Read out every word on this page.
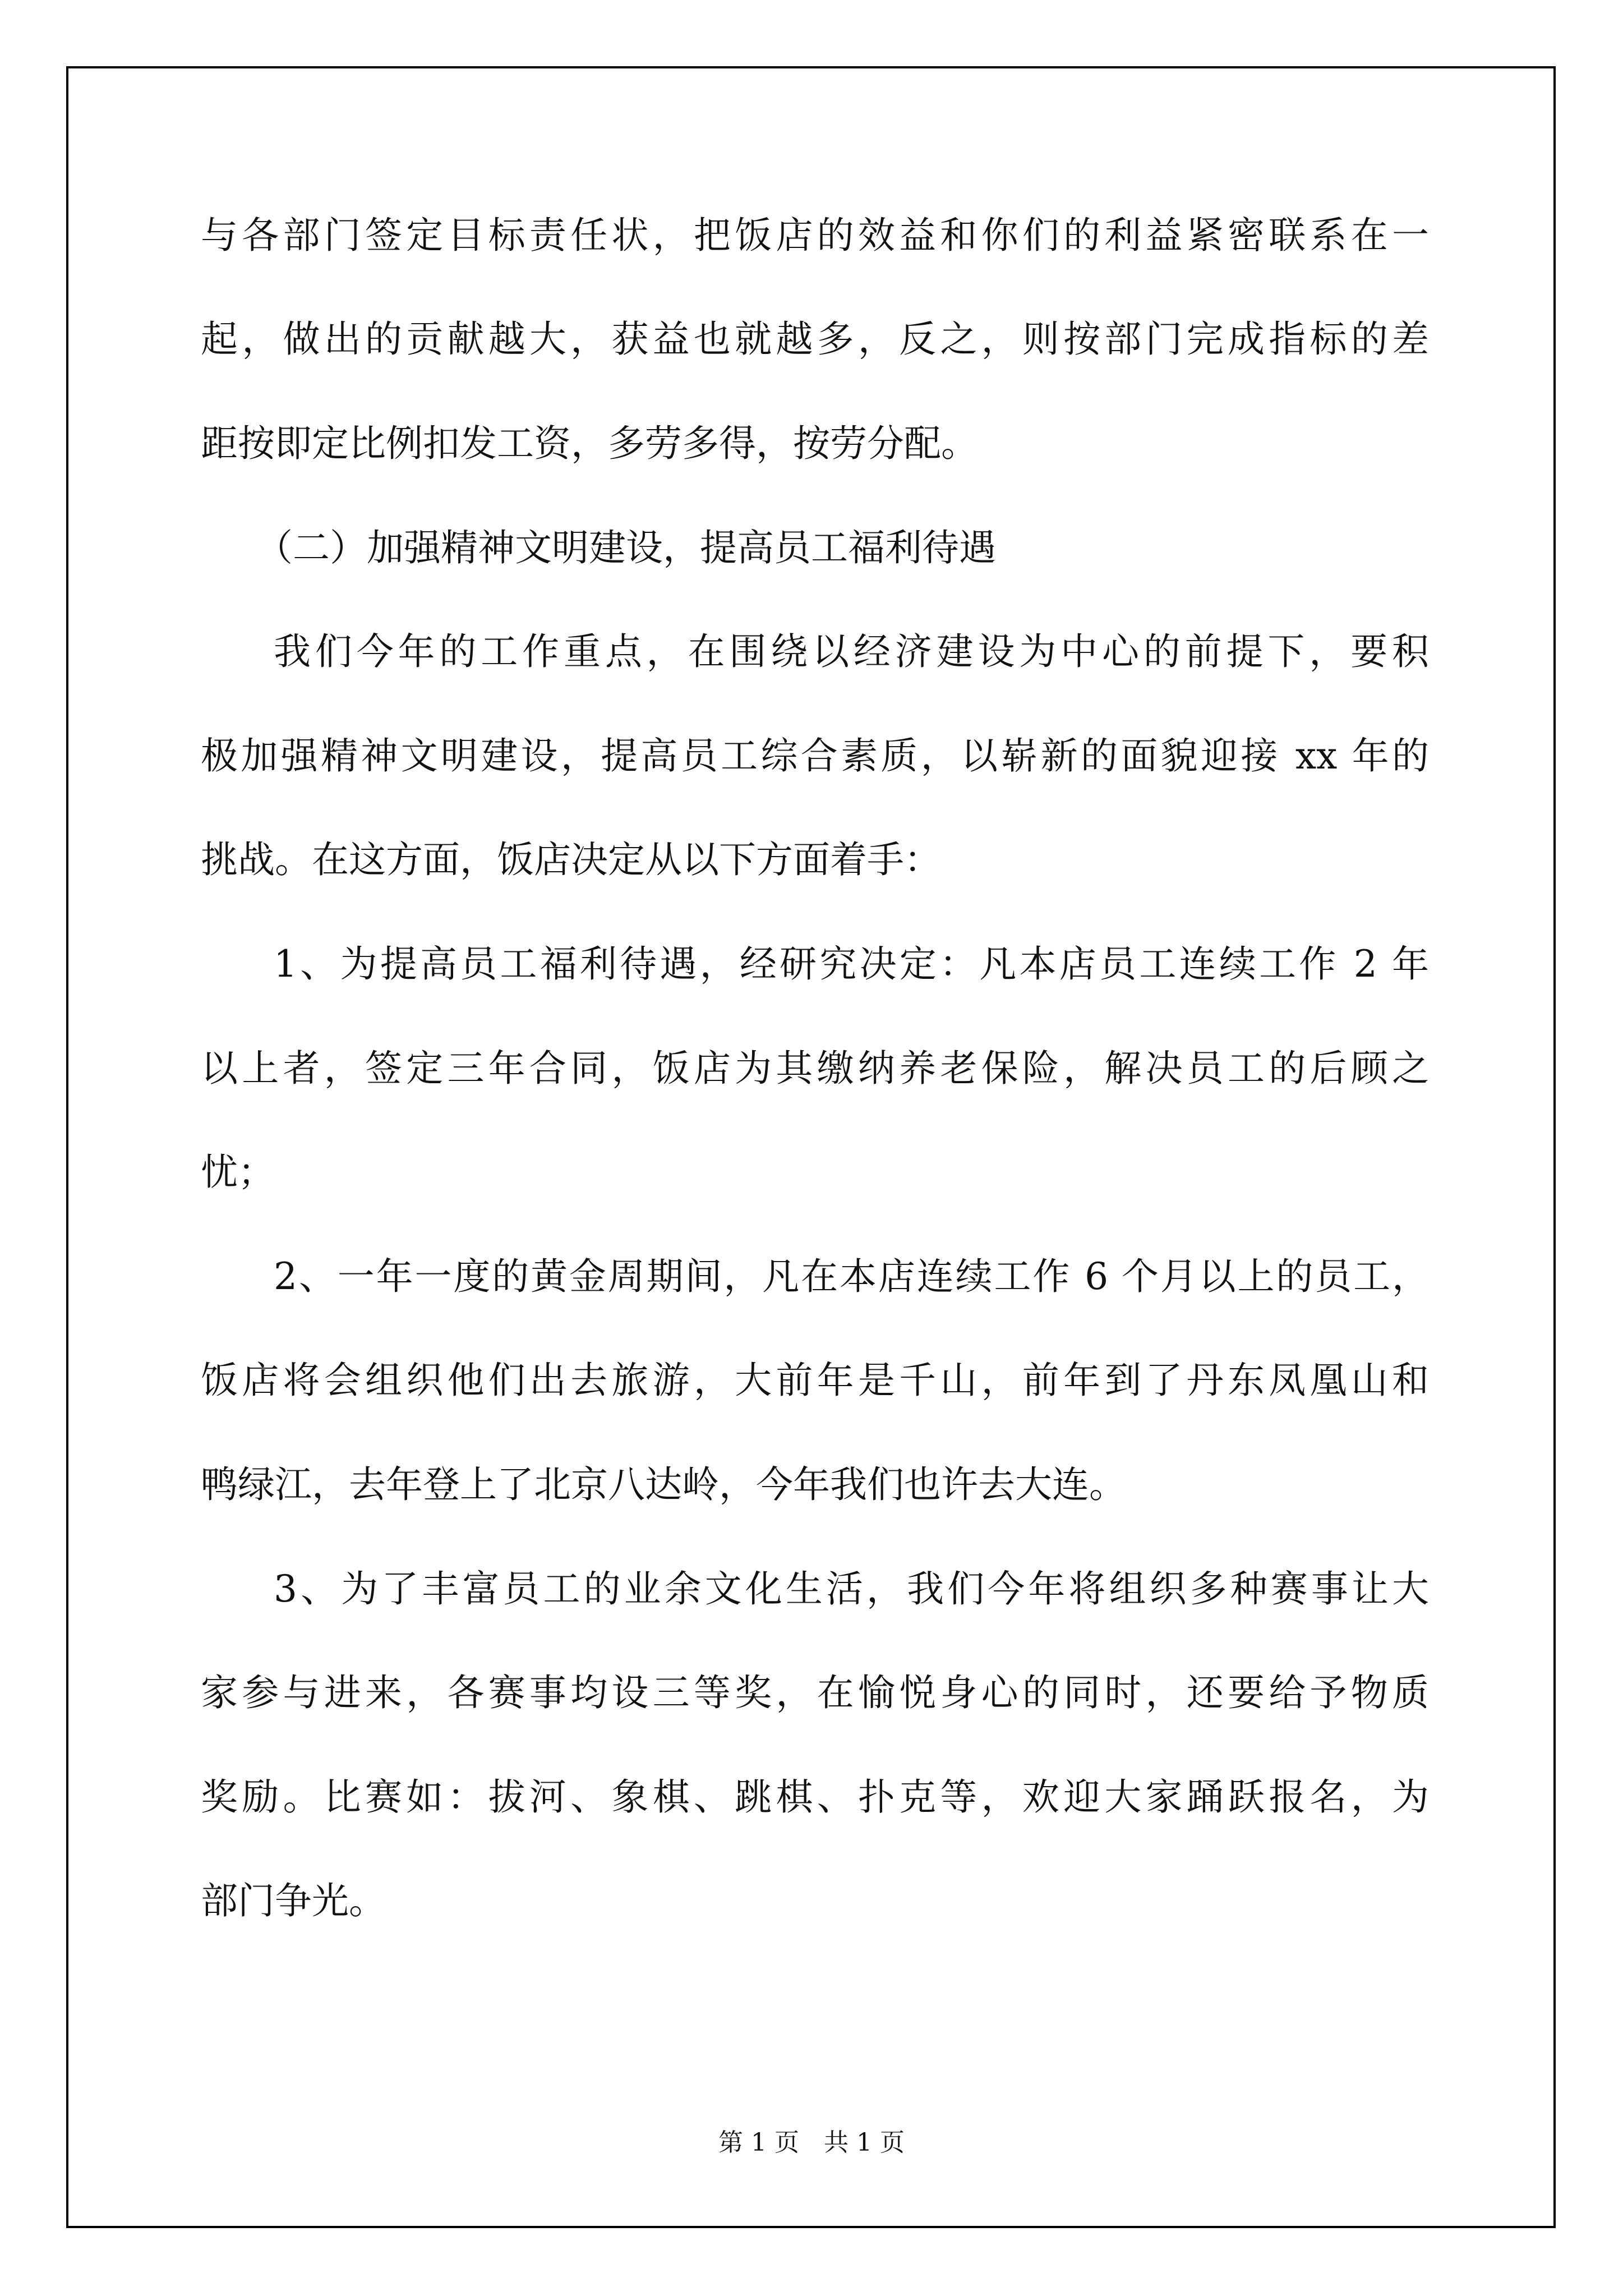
与各部门签定目标责任状，把饭店的效益和你们的利益紧密联系在一
起，做出的贡献越大，获益也就越多，反之，则按部门完成指标的差
距按即定比例扣发工资，多劳多得，按劳分配。
（二）加强精神文明建设，提高员工福利待遇
我们今年的工作重点，在围绕以经济建设为中心的前提下，要积
极加强精神文明建设，提高员工综合素质，以崭新的面貌迎接 xx 年的
挑战。在这方面，饭店决定从以下方面着手：
1、为提高员工福利待遇，经研究决定：凡本店员工连续工作 2 年
以上者，签定三年合同，饭店为其缴纳养老保险，解决员工的后顾之
忧；
2、一年一度的黄金周期间，凡在本店连续工作 6 个月以上的员工，
饭店将会组织他们出去旅游，大前年是千山，前年到了丹东凤凰山和
鸭绿江，去年登上了北京八达岭，今年我们也许去大连。
3、为了丰富员工的业余文化生活，我们今年将组织多种赛事让大
家参与进来，各赛事均设三等奖，在愉悦身心的同时，还要给予物质
奖励。比赛如：拔河、象棋、跳棋、扑克等，欢迎大家踊跃报名，为
部门争光。
第 1 页　共 1 页
